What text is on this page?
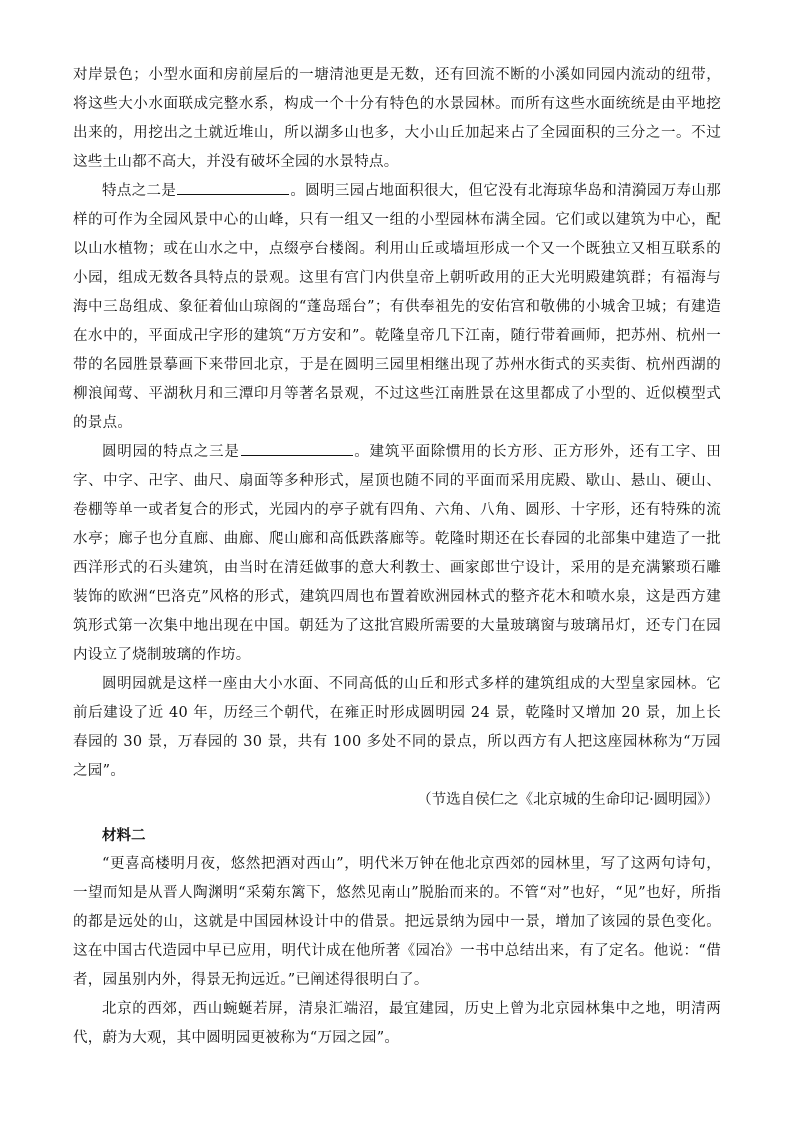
对岸景色；小型水面和房前屋后的一塘清池更是无数，还有回流不断的小溪如同园内流动的纽带，将这些大小水面联成完整水系，构成一个十分有特色的水景园林。而所有这些水面统统是由平地挖出来的，用挖出之土就近堆山，所以湖多山也多，大小山丘加起来占了全园面积的三分之一。不过这些土山都不高大，并没有破坏全园的水景特点。

特点之二是	。圆明三园占地面积很大，但它没有北海琼华岛和清漪园万寿山那样的可作为全园风景中心的山峰，只有一组又一组的小型园林布满全园。它们或以建筑为中心，配以山水植物；或在山水之中，点缀亭台楼阁。利用山丘或墙垣形成一个又一个既独立又相互联系的小园，组成无数各具特点的景观。这里有宫门内供皇帝上朝听政用的正大光明殿建筑群；有福海与海中三岛组成、象征着仙山琼阁的“蓬岛瑶台”；有供奉祖先的安佑宫和敬佛的小城舍卫城；有建造在水中的，平面成卍字形的建筑“万方安和”。乾隆皇帝几下江南，随行带着画师，把苏州、杭州一带的名园胜景摹画下来带回北京，于是在圆明三园里相继出现了苏州水街式的买卖街、杭州西湖的柳浪闻莺、平湖秋月和三潭印月等著名景观，不过这些江南胜景在这里都成了小型的、近似模型式的景点。

圆明园的特点之三是	。建筑平面除惯用的长方形、正方形外，还有工字、田字、中字、卍字、曲尺、扇面等多种形式，屋顶也随不同的平面而采用庑殿、歇山、悬山、硬山、卷棚等单一或者复合的形式，光园内的亭子就有四角、六角、八角、圆形、十字形，还有特殊的流水亭；廊子也分直廊、曲廊、爬山廊和高低跌落廊等。乾隆时期还在长春园的北部集中建造了一批西洋形式的石头建筑，由当时在清廷做事的意大利教士、画家郎世宁设计，采用的是充满繁琐石雕装饰的欧洲“巴洛克”风格的形式，建筑四周也布置着欧洲园林式的整齐花木和喷水泉，这是西方建筑形式第一次集中地出现在中国。朝廷为了这批宫殿所需要的大量玻璃窗与玻璃吊灯，还专门在园内设立了烧制玻璃的作坊。

圆明园就是这样一座由大小水面、不同高低的山丘和形式多样的建筑组成的大型皇家园林。它前后建设了近 40 年，历经三个朝代，在雍正时形成圆明园 24 景，乾隆时又增加 20 景，加上长春园的 30 景，万春园的 30 景，共有 100 多处不同的景点，所以西方有人把这座园林称为“万园之园”。

（节选自侯仁之《北京城的生命印记·圆明园》）

材料二

“更喜高楼明月夜，悠然把酒对西山”，明代米万钟在他北京西郊的园林里，写了这两句诗句，一望而知是从晋人陶渊明“采菊东篱下，悠然见南山”脱胎而来的。不管“对”也好，“见”也好，所指的都是远处的山，这就是中国园林设计中的借景。把远景纳为园中一景，增加了该园的景色变化。这在中国古代造园中早已应用，明代计成在他所著《园冶》一书中总结出来，有了定名。他说：“借者，园虽别内外，得景无拘远近。”已阐述得很明白了。

北京的西郊，西山蜿蜒若屏，清泉汇端沼，最宜建园，历史上曾为北京园林集中之地，明清两代，蔚为大观，其中圆明园更被称为“万园之园”。
